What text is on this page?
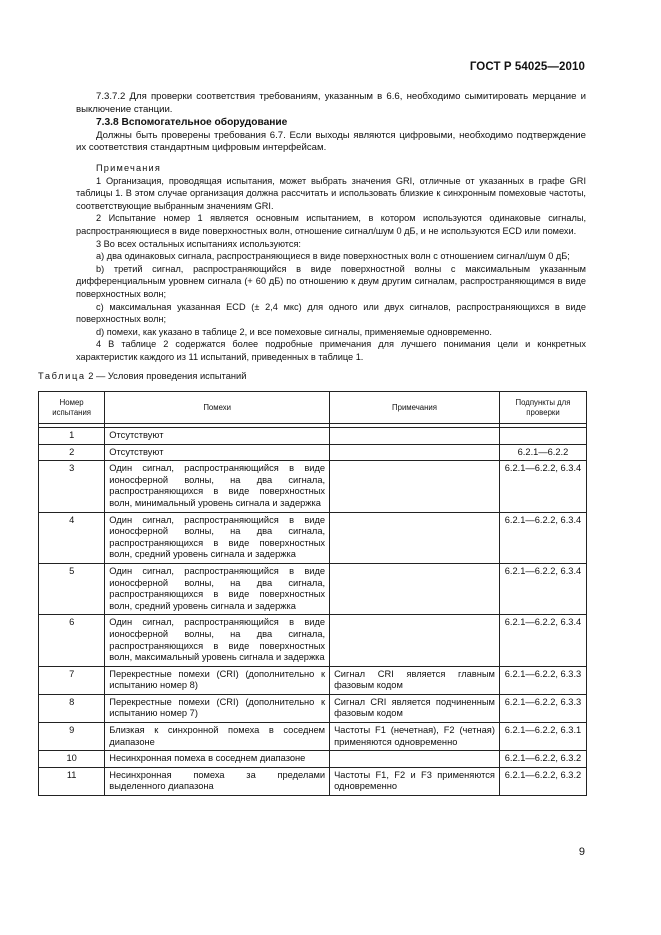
ГОСТ Р 54025—2010

7.3.7.2 Для проверки соответствия требованиям, указанным в 6.6, необходимо сымитировать мерцание и выключение станции.

7.3.8 Вспомогательное оборудование

Должны быть проверены требования 6.7. Если выходы являются цифровыми, необходимо подтверждение их соответствия стандартным цифровым интерфейсам.

Примечания

1 Организация, проводящая испытания, может выбрать значения GRI, отличные от указанных в графе GRI таблицы 1. В этом случае организация должна рассчитать и использовать близкие к синхронным помеховые частоты, соответствующие выбранным значениям GRI.

2 Испытание номер 1 является основным испытанием, в котором используются одинаковые сигналы, распространяющиеся в виде поверхностных волн, отношение сигнал/шум 0 дБ, и не используются ECD или помехи.

3 Во всех остальных испытаниях используются:

a) два одинаковых сигнала, распространяющиеся в виде поверхностных волн с отношением сигнал/шум 0 дБ;

b) третий сигнал, распространяющийся в виде поверхностной волны с максимальным указанным дифференциальным уровнем сигнала (+ 60 дБ) по отношению к двум другим сигналам, распространяющимся в виде поверхностных волн;

c) максимальная указанная ECD (± 2,4 мкс) для одного или двух сигналов, распространяющихся в виде поверхностных волн;

d) помехи, как указано в таблице 2, и все помеховые сигналы, применяемые одновременно.

4 В таблице 2 содержатся более подробные примечания для лучшего понимания цели и конкретных характеристик каждого из 11 испытаний, приведенных в таблице 1.

Таблица 2 — Условия проведения испытаний
Номер испытания	Помехи	Примечания	Подпункты для проверки

1	Отсутствуют		
2	Отсутствуют		6.2.1—6.2.2
3	Один сигнал, распространяющийся в виде ионосферной волны, на два сигнала, распространяющихся в виде поверхностных волн, минимальный уровень сигнала и задержка		6.2.1—6.2.2, 6.3.4
4	Один сигнал, распространяющийся в виде ионосферной волны, на два сигнала, распространяющихся в виде поверхностных волн, средний уровень сигнала и задержка		6.2.1—6.2.2, 6.3.4
5	Один сигнал, распространяющийся в виде ионосферной волны, на два сигнала, распространяющихся в виде поверхностных волн, средний уровень сигнала и задержка		6.2.1—6.2.2, 6.3.4
6	Один сигнал, распространяющийся в виде ионосферной волны, на два сигнала, распространяющихся в виде поверхностных волн, максимальный уровень сигнала и задержка		6.2.1—6.2.2, 6.3.4
7	Перекрестные помехи (CRI) (дополнительно к испытанию номер 8)	Сигнал CRI является главным фазовым кодом	6.2.1—6.2.2, 6.3.3
8	Перекрестные помехи (CRI) (дополнительно к испытанию номер 7)	Сигнал CRI является подчиненным фазовым кодом	6.2.1—6.2.2, 6.3.3
9	Близкая к синхронной помеха в соседнем диапазоне	Частоты F1 (нечетная), F2 (четная) применяются одновременно	6.2.1—6.2.2, 6.3.1
10	Несинхронная помеха в соседнем диапазоне		6.2.1—6.2.2, 6.3.2
11	Несинхронная помеха за пределами выделенного диапазона	Частоты F1, F2 и F3 применяются одновременно	6.2.1—6.2.2, 6.3.2
9
